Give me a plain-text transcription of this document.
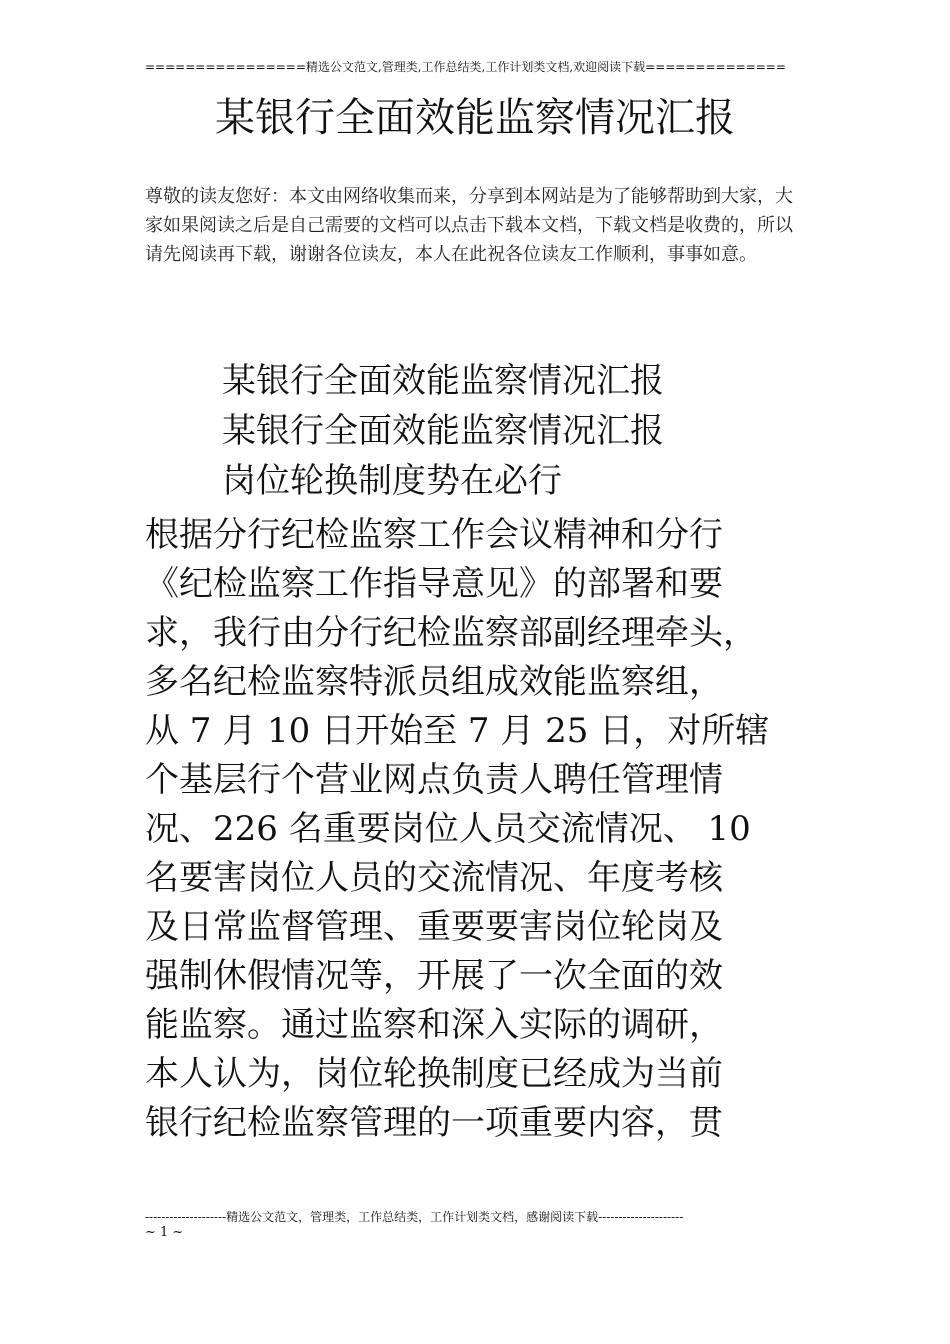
================精选公文范文,管理类,工作总结类,工作计划类文档,欢迎阅读下载==============
某银行全面效能监察情况汇报
尊敬的读友您好：本文由网络收集而来，分享到本网站是为了能够帮助到大家，大家如果阅读之后是自己需要的文档可以点击下载本文档，下载文档是收费的，所以请先阅读再下载，谢谢各位读友，本人在此祝各位读友工作顺利，事事如意。
某银行全面效能监察情况汇报
某银行全面效能监察情况汇报
岗位轮换制度势在必行
根据分行纪检监察工作会议精神和分行
《纪检监察工作指导意见》的部署和要
求，我行由分行纪检监察部副经理牵头，
多名纪检监察特派员组成效能监察组，
从 7 月 10 日开始至 7 月 25 日，对所辖
个基层行个营业网点负责人聘任管理情
况、226 名重要岗位人员交流情况、 10
名要害岗位人员的交流情况、年度考核
及日常监督管理、重要要害岗位轮岗及
强制休假情况等，开展了一次全面的效
能监察。通过监察和深入实际的调研，
本人认为，岗位轮换制度已经成为当前
银行纪检监察管理的一项重要内容，贯
--------------------精选公文范文，管理类，工作总结类，工作计划类文档，感谢阅读下载---------------------
~ 1 ~
